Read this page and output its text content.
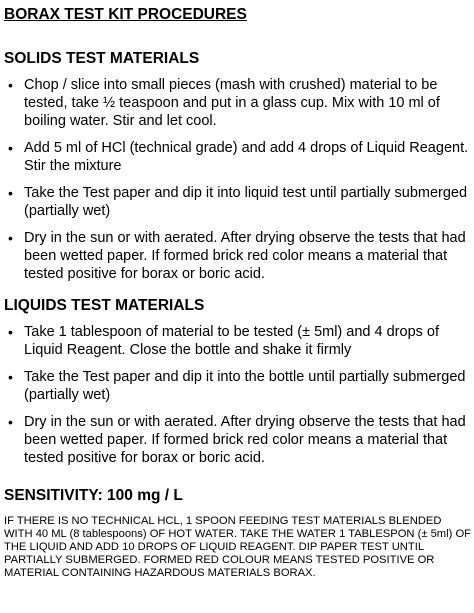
BORAX TEST KIT PROCEDURES
SOLIDS TEST MATERIALS
• Chop / slice into small pieces (mash with crushed) material to be tested, take ½ teaspoon and put in a glass cup. Mix with 10 ml of boiling water. Stir and let cool.
• Add 5 ml of HCl (technical grade) and add 4 drops of Liquid Reagent. Stir the mixture
• Take the Test paper and dip it into liquid test until partially submerged (partially wet)
• Dry in the sun or with aerated. After drying observe the tests that had been wetted paper. If formed brick red color means a material that tested positive for borax or boric acid.
LIQUIDS TEST MATERIALS
• Take 1 tablespoon of material to be tested (± 5ml) and 4 drops of Liquid Reagent. Close the bottle and shake it firmly
• Take the Test paper and dip it into the bottle until partially submerged (partially wet)
• Dry in the sun or with aerated. After drying observe the tests that had been wetted paper. If formed brick red color means a material that tested positive for borax or boric acid.
SENSITIVITY: 100 mg / L
IF THERE IS NO TECHNICAL HCL, 1 SPOON FEEDING TEST MATERIALS BLENDED WITH 40 ML (8 tablespoons) OF HOT WATER. TAKE THE WATER 1 TABLESPON (± 5ml) OF THE LIQUID AND ADD 10 DROPS OF LIQUID REAGENT. DIP PAPER TEST UNTIL PARTIALLY SUBMERGED. FORMED RED COLOUR MEANS TESTED POSITIVE OR MATERIAL CONTAINING HAZARDOUS MATERIALS BORAX.
